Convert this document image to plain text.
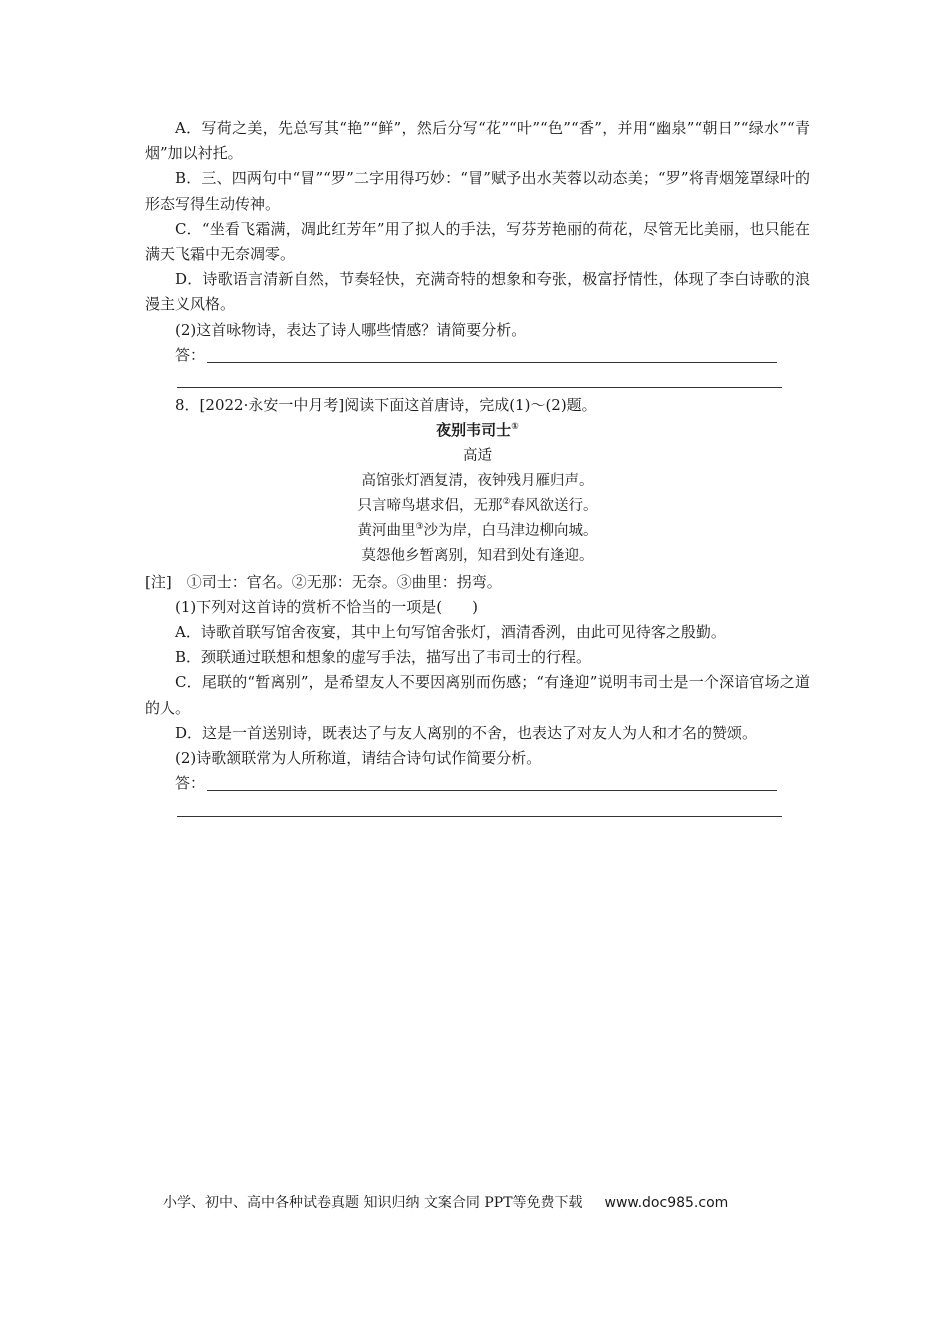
A．写荷之美，先总写其“艳”“鲜”，然后分写“花”“叶”“色”“香”，并用“幽泉”“朝日”“绿水”“青烟”加以衬托。

B．三、四两句中“冒”“罗”二字用得巧妙：“冒”赋予出水芙蓉以动态美；“罗”将青烟笼罩绿叶的形态写得生动传神。

C．“坐看飞霜满，凋此红芳年”用了拟人的手法，写芬芳艳丽的荷花，尽管无比美丽，也只能在满天飞霜中无奈凋零。

D．诗歌语言清新自然，节奏轻快，充满奇特的想象和夸张，极富抒情性，体现了李白诗歌的浪漫主义风格。

(2)这首咏物诗，表达了诗人哪些情感？请简要分析。

答：

8．[2022·永安一中月考]阅读下面这首唐诗，完成(1)～(2)题。

夜别韦司士①

高适

高馆张灯酒复清，夜钟残月雁归声。

只言啼鸟堪求侣，无那②春风欲送行。

黄河曲里③沙为岸，白马津边柳向城。

莫怨他乡暂离别，知君到处有逢迎。

[注]　①司士：官名。②无那：无奈。③曲里：拐弯。

(1)下列对这首诗的赏析不恰当的一项是(　　)

A．诗歌首联写馆舍夜宴，其中上句写馆舍张灯，酒清香洌，由此可见待客之殷勤。

B．颈联通过联想和想象的虚写手法，描写出了韦司士的行程。

C．尾联的“暂离别”，是希望友人不要因离别而伤感；“有逢迎”说明韦司士是一个深谙官场之道的人。

D．这是一首送别诗，既表达了与友人离别的不舍，也表达了对友人为人和才名的赞颂。

(2)诗歌颔联常为人所称道，请结合诗句试作简要分析。

答：
小学、初中、高中各种试卷真题 知识归纳 文案合同 PPT等免费下载 www.doc985.com
